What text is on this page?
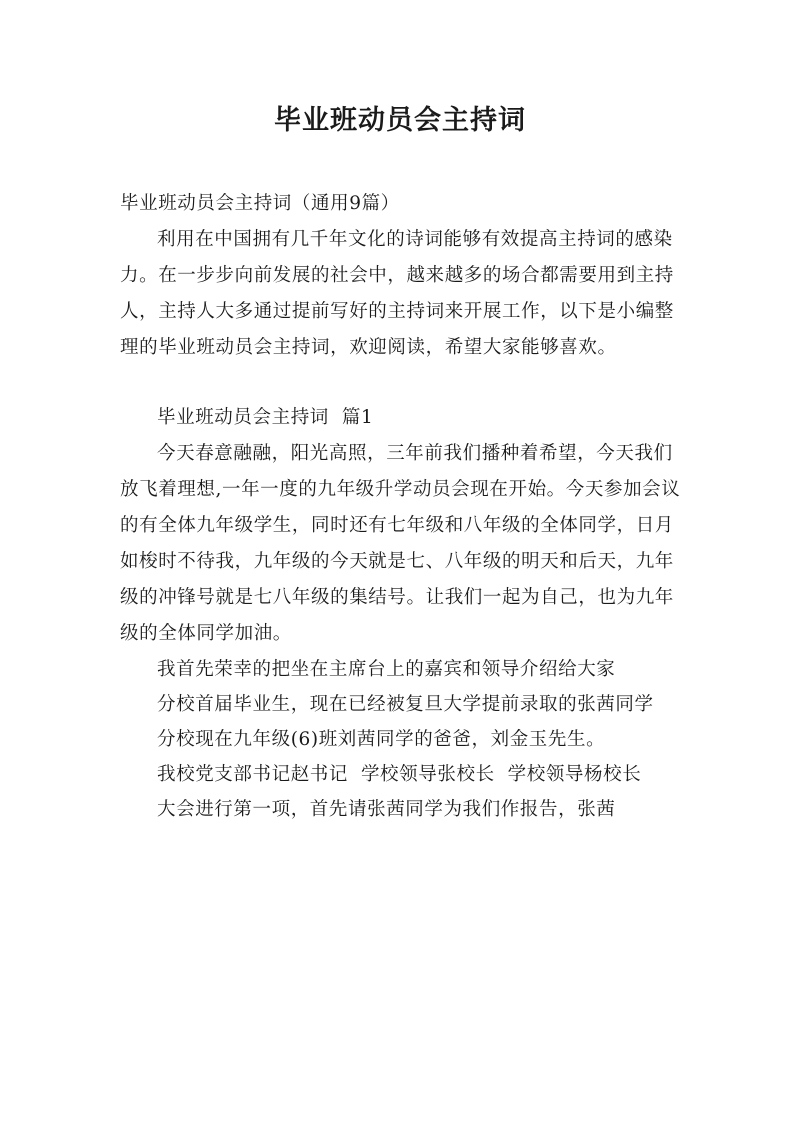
毕业班动员会主持词

毕业班动员会主持词（通用9篇）

利用在中国拥有几千年文化的诗词能够有效提高主持词的感染力。在一步步向前发展的社会中，越来越多的场合都需要用到主持人，主持人大多通过提前写好的主持词来开展工作，以下是小编整理的毕业班动员会主持词，欢迎阅读，希望大家能够喜欢。

毕业班动员会主持词  篇1

今天春意融融，阳光高照，三年前我们播种着希望，今天我们放飞着理想,一年一度的九年级升学动员会现在开始。今天参加会议的有全体九年级学生，同时还有七年级和八年级的全体同学，日月如梭时不待我，九年级的今天就是七、八年级的明天和后天，九年级的冲锋号就是七八年级的集结号。让我们一起为自己，也为九年级的全体同学加油。

我首先荣幸的把坐在主席台上的嘉宾和领导介绍给大家

分校首届毕业生，现在已经被复旦大学提前录取的张茜同学

分校现在九年级(6)班刘茜同学的爸爸，刘金玉先生。

我校党支部书记赵书记  学校领导张校长  学校领导杨校长

大会进行第一项，首先请张茜同学为我们作报告，张茜
